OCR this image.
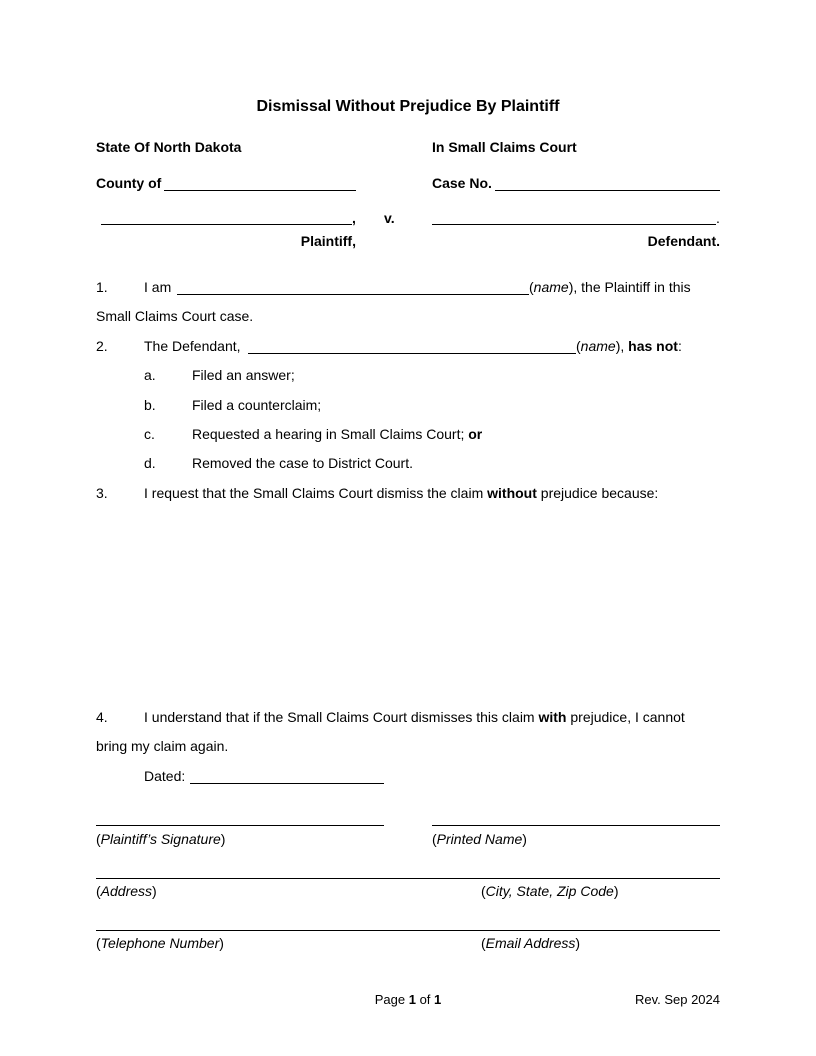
Dismissal Without Prejudice By Plaintiff
State Of North Dakota	In Small Claims Court
County of	Case No.
, v.	.
Plaintiff,	Defendant.
1.	I am	(name), the Plaintiff in this
Small Claims Court case.
2.	The Defendant,	(name), has not:
a.	Filed an answer;
b.	Filed a counterclaim;
c.	Requested a hearing in Small Claims Court; or
d.	Removed the case to District Court.
3.	I request that the Small Claims Court dismiss the claim without prejudice because:
4.	I understand that if the Small Claims Court dismisses this claim with prejudice, I cannot
bring my claim again.
Dated:
(Plaintiff’s Signature)	(Printed Name)
(Address)	(City, State, Zip Code)
(Telephone Number)	(Email Address)
Page 1 of 1	Rev. Sep 2024
